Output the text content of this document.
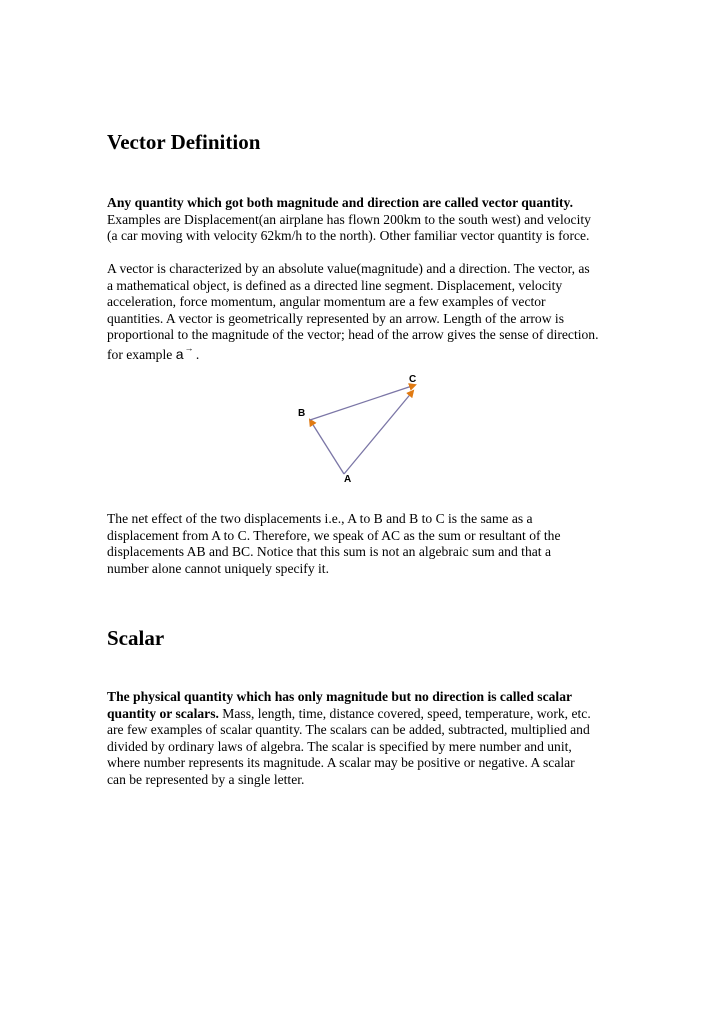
Vector Definition
Any quantity which got both magnitude and direction are called vector quantity.
Examples are Displacement(an airplane has flown 200km to the south west) and velocity
(a car moving with velocity 62km/h to the north). Other familiar vector quantity is force.
A vector is characterized by an absolute value(magnitude) and a direction. The vector, as
a mathematical object, is defined as a directed line segment. Displacement, velocity
acceleration, force momentum, angular momentum are a few examples of vector
quantities. A vector is geometrically represented by an arrow. Length of the arrow is
proportional to the magnitude of the vector; head of the arrow gives the sense of direction.
for example a→ .
A
B
C
The net effect of the two displacements i.e., A to B and B to C is the same as a
displacement from A to C. Therefore, we speak of AC as the sum or resultant of the
displacements AB and BC. Notice that this sum is not an algebraic sum and that a
number alone cannot uniquely specify it.
Scalar
The physical quantity which has only magnitude but no direction is called scalar
quantity or scalars. Mass, length, time, distance covered, speed, temperature, work, etc.
are few examples of scalar quantity. The scalars can be added, subtracted, multiplied and
divided by ordinary laws of algebra. The scalar is specified by mere number and unit,
where number represents its magnitude. A scalar may be positive or negative. A scalar
can be represented by a single letter.
